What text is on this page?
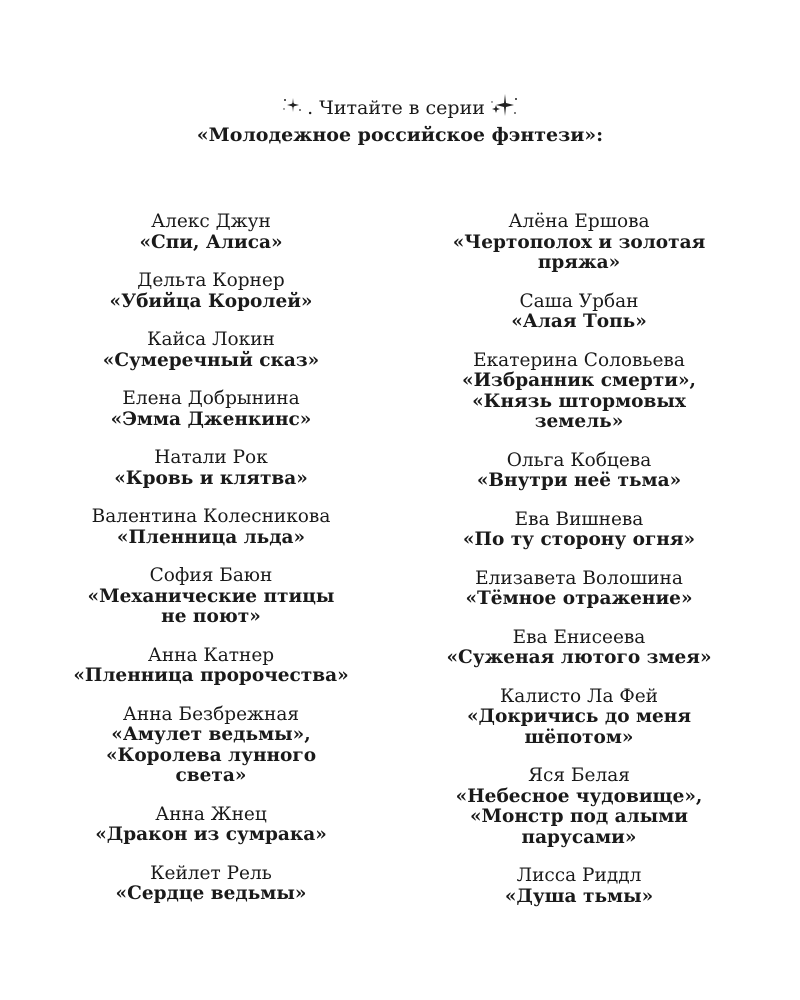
. Читайте в серии
«Молодежное российское фэнтези»:
Алекс Джун
«Спи, Алиса»
Дельта Корнер
«Убийца Королей»
Кайса Локин
«Сумеречный сказ»
Елена Добрынина
«Эмма Дженкинс»
Натали Рок
«Кровь и клятва»
Валентина Колесникова
«Пленница льда»
София Баюн
«Механические птицы
не поют»
Анна Катнер
«Пленница пророчества»
Анна Безбрежная
«Амулет ведьмы»,
«Королева лунного
света»
Анна Жнец
«Дракон из сумрака»
Кейлет Рель
«Сердце ведьмы»
Алёна Ершова
«Чертополох и золотая
пряжа»
Саша Урбан
«Алая Топь»
Екатерина Соловьева
«Избранник смерти»,
«Князь штормовых
земель»
Ольга Кобцева
«Внутри неё тьма»
Ева Вишнева
«По ту сторону огня»
Елизавета Волошина
«Тёмное отражение»
Ева Енисеева
«Суженая лютого змея»
Калисто Ла Фей
«Докричись до меня
шёпотом»
Яся Белая
«Небесное чудовище»,
«Монстр под алыми
парусами»
Лисса Риддл
«Душа тьмы»
